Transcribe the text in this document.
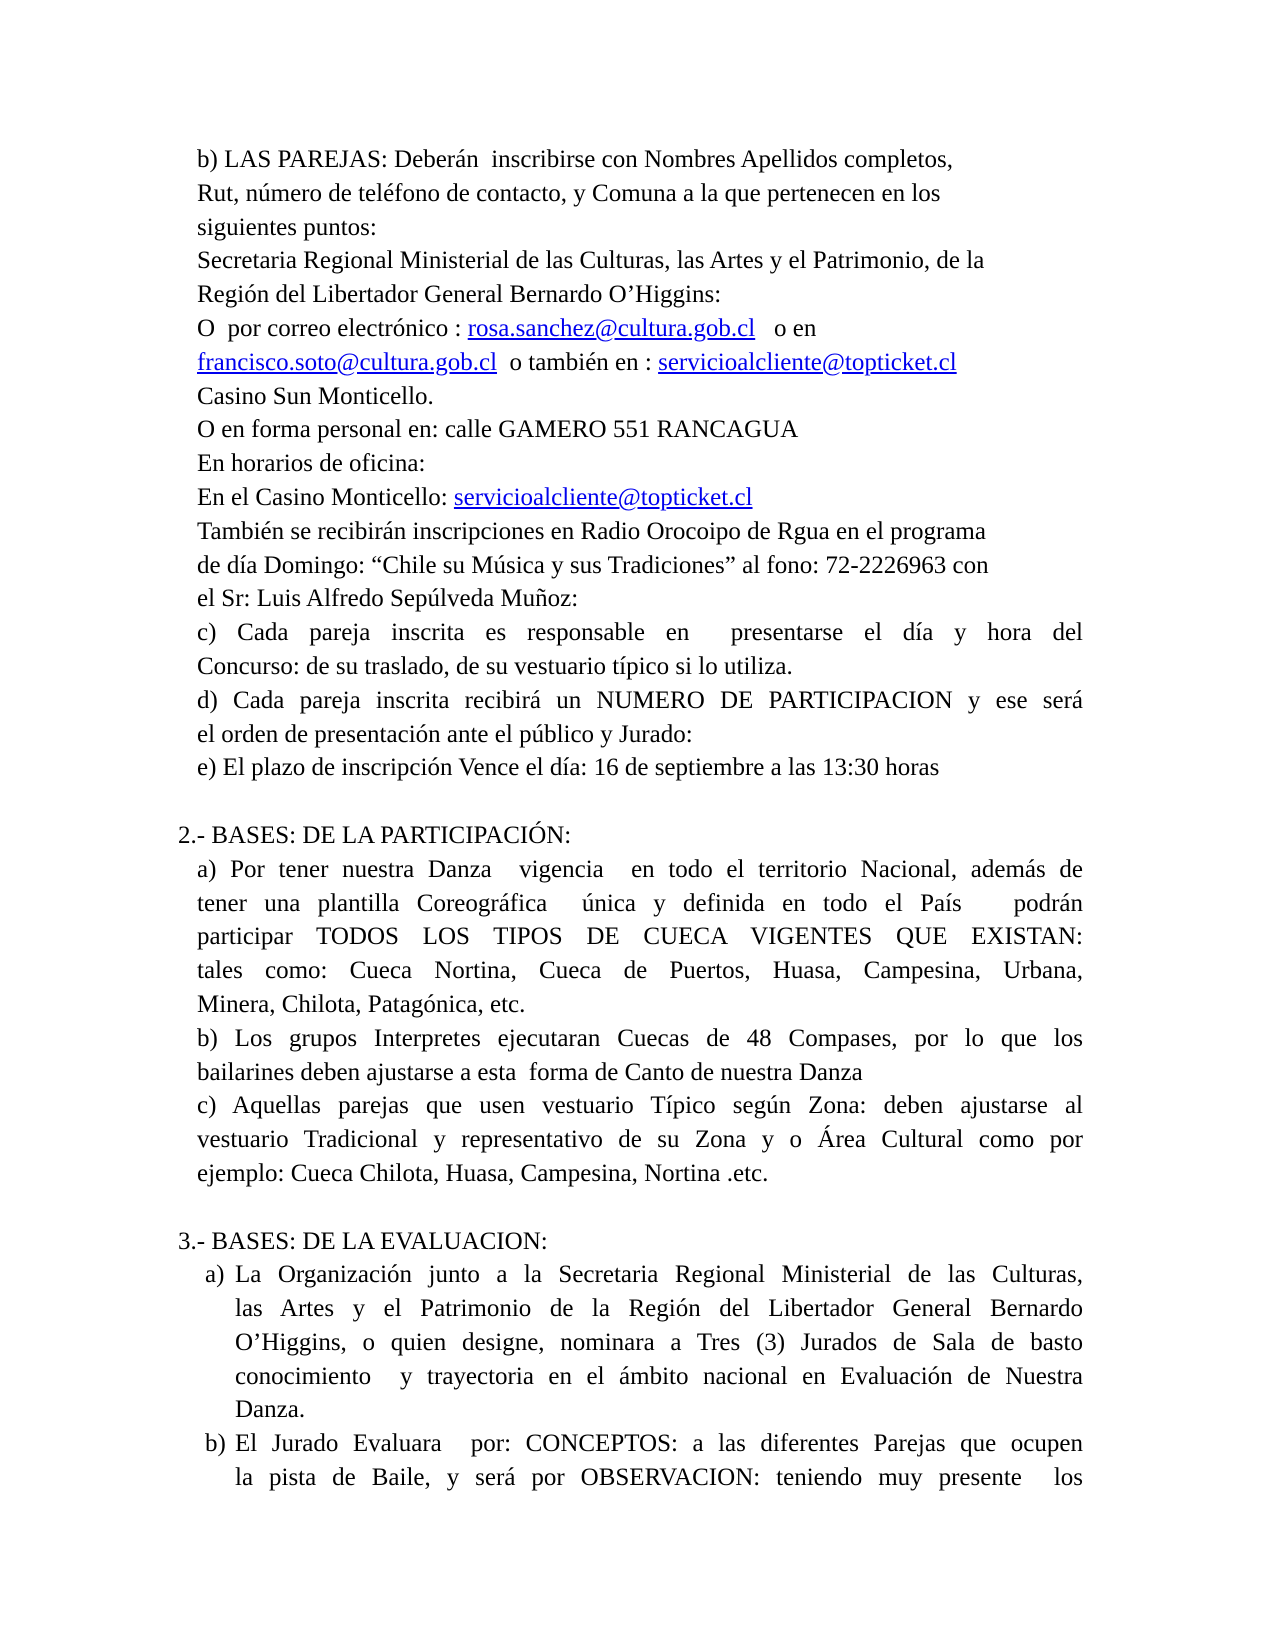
b) LAS PAREJAS: Deberán  inscribirse con Nombres Apellidos completos,
Rut, número de teléfono de contacto, y Comuna a la que pertenecen en los
siguientes puntos:
Secretaria Regional Ministerial de las Culturas, las Artes y el Patrimonio, de la
Región del Libertador General Bernardo O’Higgins:
O  por correo electrónico : rosa.sanchez@cultura.gob.cl   o en
francisco.soto@cultura.gob.cl  o también en : servicioalcliente@topticket.cl
Casino Sun Monticello.
O en forma personal en: calle GAMERO 551 RANCAGUA
En horarios de oficina:
En el Casino Monticello: servicioalcliente@topticket.cl
También se recibirán inscripciones en Radio Orocoipo de Rgua en el programa
de día Domingo: “Chile su Música y sus Tradiciones” al fono: 72-2226963 con
el Sr: Luis Alfredo Sepúlveda Muñoz:
c) Cada pareja inscrita es responsable en  presentarse el día y hora del
Concurso: de su traslado, de su vestuario típico si lo utiliza.
d) Cada pareja inscrita recibirá un NUMERO DE PARTICIPACION y ese será
el orden de presentación ante el público y Jurado:
e) El plazo de inscripción Vence el día: 16 de septiembre a las 13:30 horas
2.- BASES: DE LA PARTICIPACIÓN:
a) Por tener nuestra Danza  vigencia  en todo el territorio Nacional, además de
tener una plantilla Coreográfica  única y definida en todo el País   podrán
participar TODOS LOS TIPOS DE CUECA VIGENTES QUE EXISTAN:
tales como: Cueca Nortina, Cueca de Puertos, Huasa, Campesina, Urbana,
Minera, Chilota, Patagónica, etc.
b) Los grupos Interpretes ejecutaran Cuecas de 48 Compases, por lo que los
bailarines deben ajustarse a esta  forma de Canto de nuestra Danza
c) Aquellas parejas que usen vestuario Típico según Zona: deben ajustarse al
vestuario Tradicional y representativo de su Zona y o Área Cultural como por
ejemplo: Cueca Chilota, Huasa, Campesina, Nortina .etc.
3.- BASES: DE LA EVALUACION:
a) La Organización junto a la Secretaria Regional Ministerial de las Culturas,
las Artes y el Patrimonio de la Región del Libertador General Bernardo
O’Higgins, o quien designe, nominara a Tres (3) Jurados de Sala de basto
conocimiento  y trayectoria en el ámbito nacional en Evaluación de Nuestra
Danza.
b) El Jurado Evaluara  por: CONCEPTOS: a las diferentes Parejas que ocupen
la pista de Baile, y será por OBSERVACION: teniendo muy presente  los
